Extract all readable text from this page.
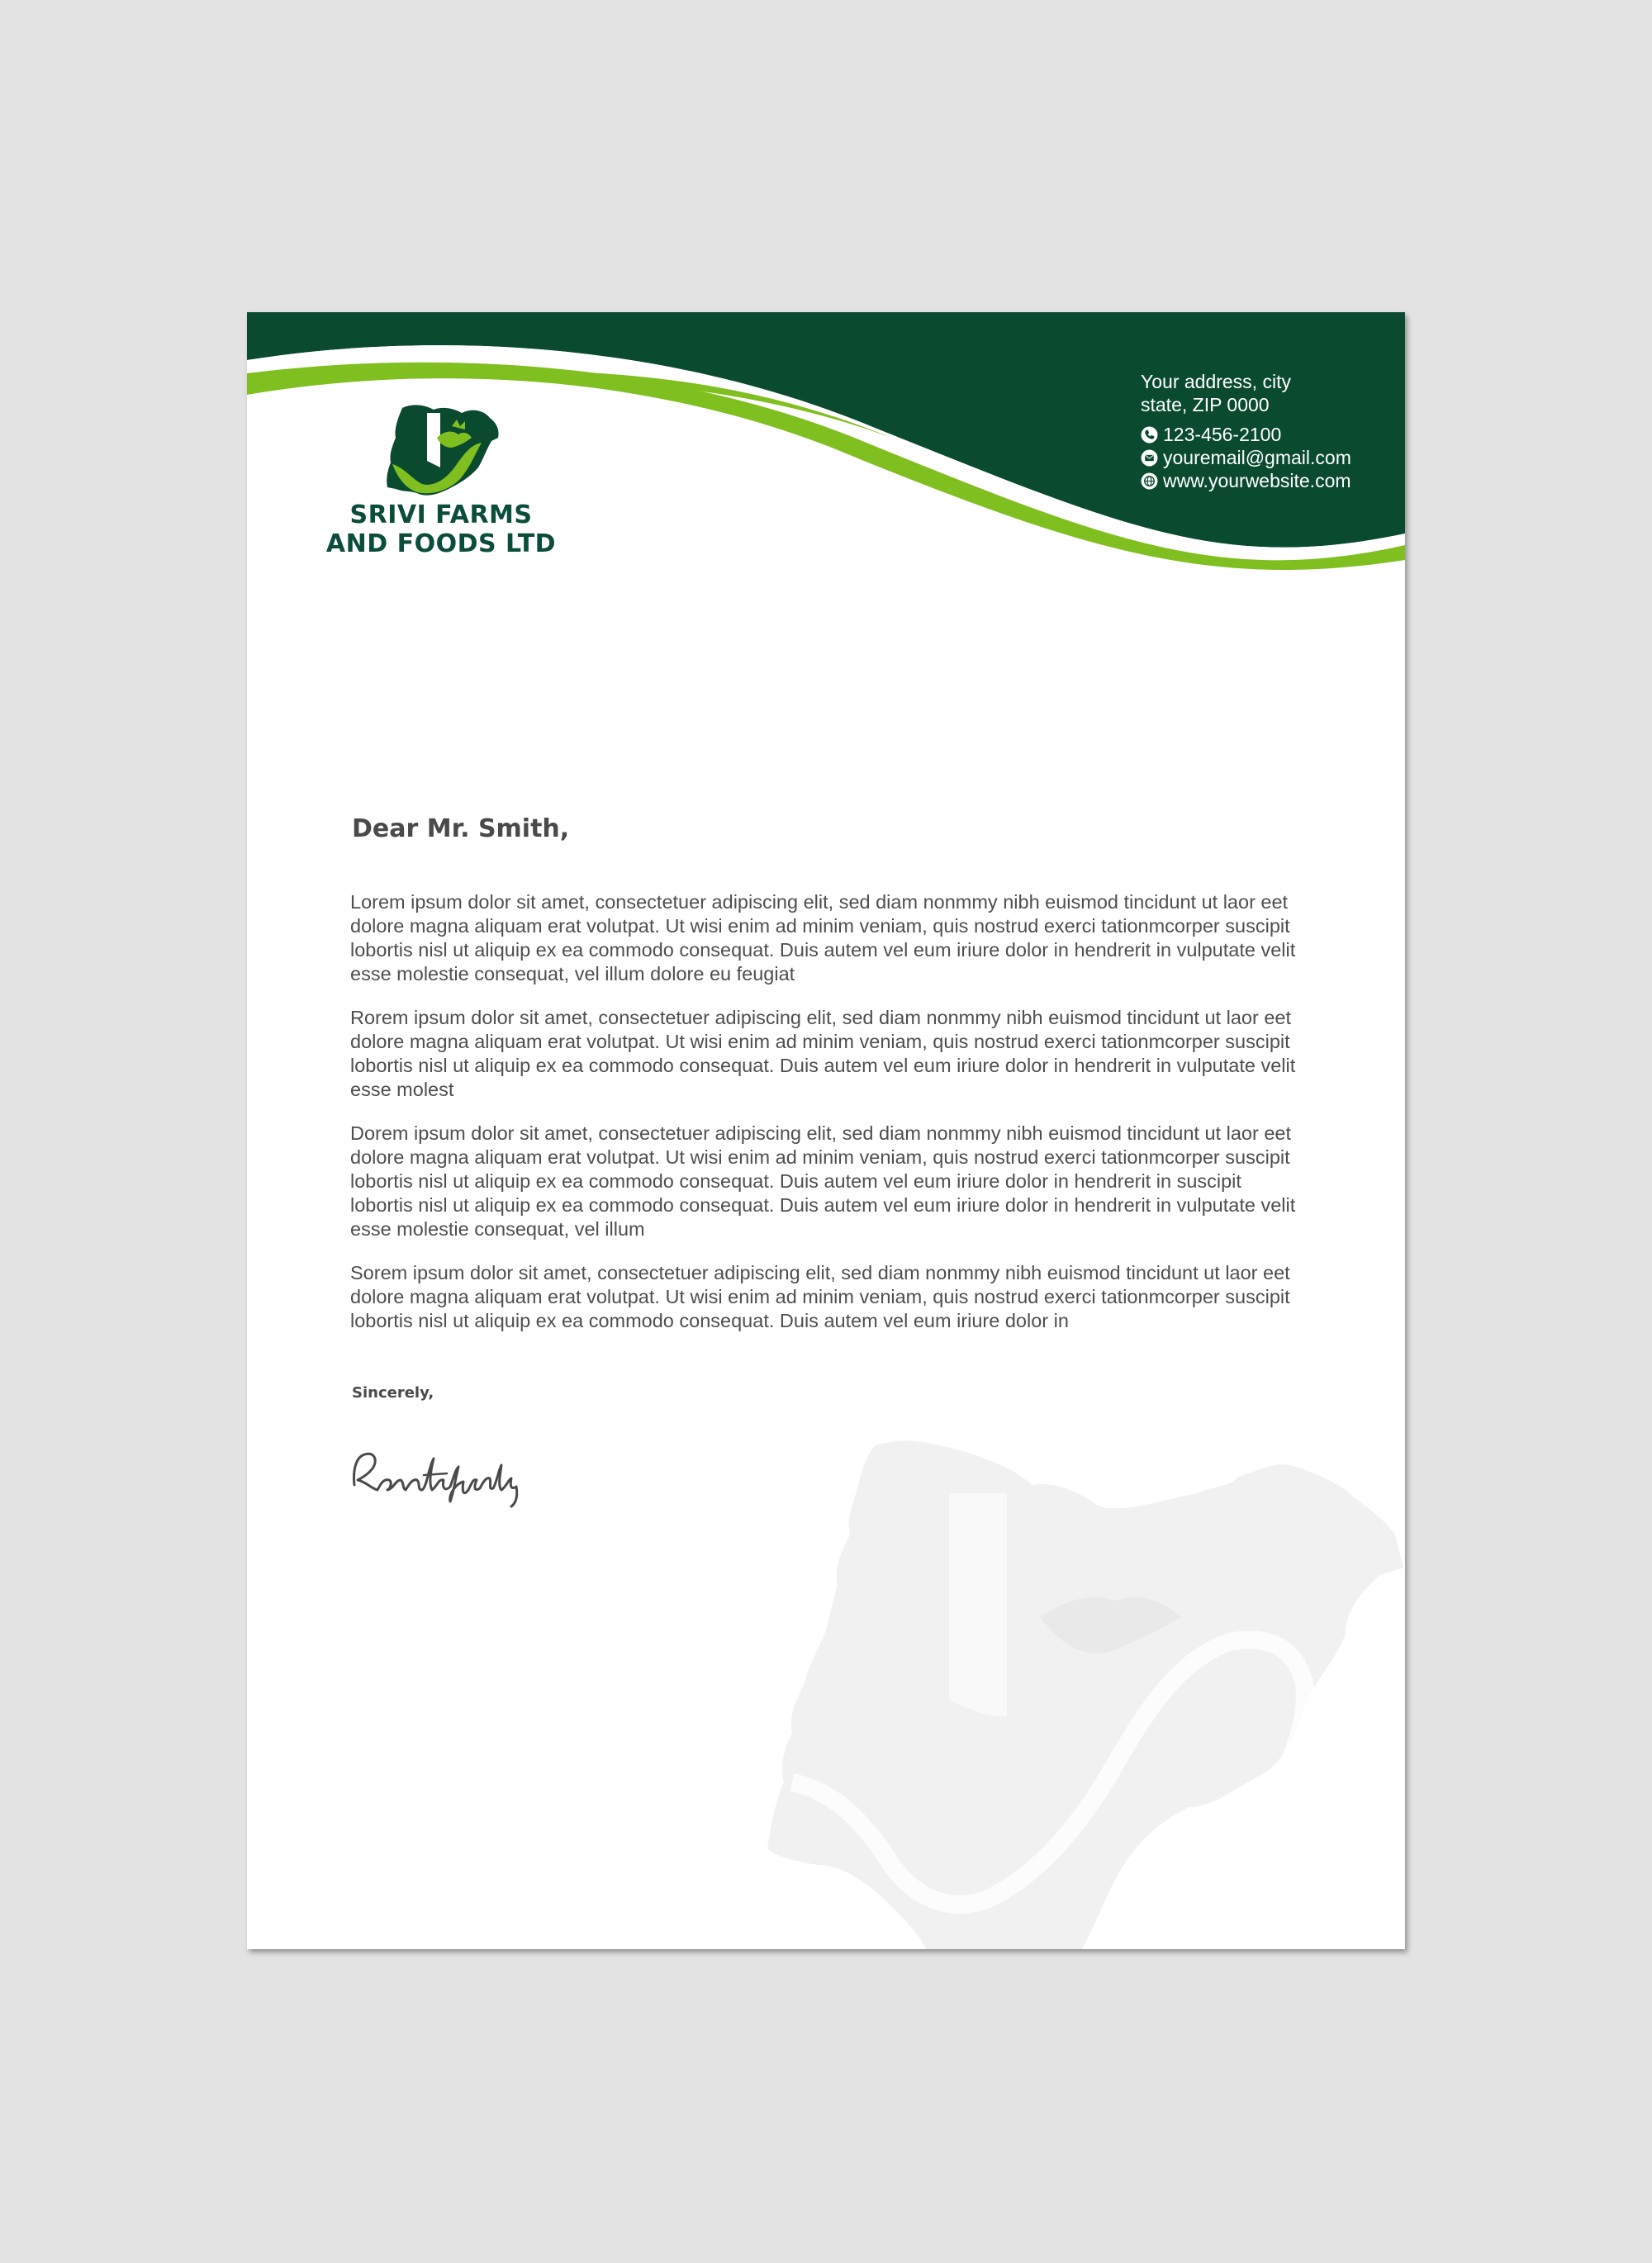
SRIVI FARMS
AND FOODS LTD
Your address, city
state, ZIP 0000
123-456-2100
youremail@gmail.com
www.yourwebsite.com
Dear Mr. Smith,

Lorem ipsum dolor sit amet, consectetuer adipiscing elit, sed diam nonmmy nibh euismod tincidunt ut laor eet dolore magna aliquam erat volutpat. Ut wisi enim ad minim veniam, quis nostrud exerci tationmcorper suscipit lobortis nisl ut aliquip ex ea commodo consequat. Duis autem vel eum iriure dolor in hendrerit in vulputate velit esse molestie consequat, vel illum dolore eu feugiat

Rorem ipsum dolor sit amet, consectetuer adipiscing elit, sed diam nonmmy nibh euismod tincidunt ut laor eet dolore magna aliquam erat volutpat. Ut wisi enim ad minim veniam, quis nostrud exerci tationmcorper suscipit lobortis nisl ut aliquip ex ea commodo consequat. Duis autem vel eum iriure dolor in hendrerit in vulputate velit esse molest

Dorem ipsum dolor sit amet, consectetuer adipiscing elit, sed diam nonmmy nibh euismod tincidunt ut laor eet dolore magna aliquam erat volutpat. Ut wisi enim ad minim veniam, quis nostrud exerci tationmcorper suscipit lobortis nisl ut aliquip ex ea commodo consequat. Duis autem vel eum iriure dolor in hendrerit in suscipit lobortis nisl ut aliquip ex ea commodo consequat. Duis autem vel eum iriure dolor in hendrerit in vulputate velit esse molestie consequat, vel illum

Sorem ipsum dolor sit amet, consectetuer adipiscing elit, sed diam nonmmy nibh euismod tincidunt ut laor eet dolore magna aliquam erat volutpat. Ut wisi enim ad minim veniam, quis nostrud exerci tationmcorper suscipit lobortis nisl ut aliquip ex ea commodo consequat. Duis autem vel eum iriure dolor in

Sincerely,
